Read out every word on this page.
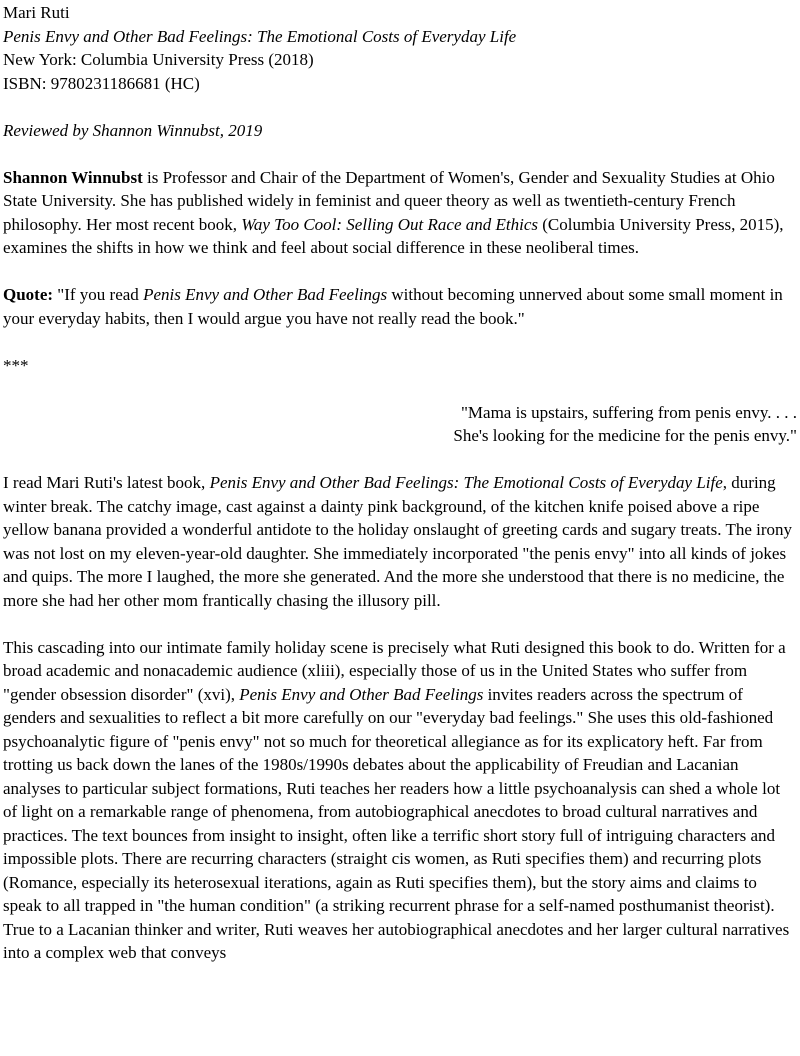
Mari Ruti

Penis Envy and Other Bad Feelings: The Emotional Costs of Everyday Life

New York: Columbia University Press (2018)

ISBN: 9780231186681 (HC)

Reviewed by Shannon Winnubst, 2019

Shannon Winnubst is Professor and Chair of the Department of Women's, Gender and Sexuality Studies at Ohio State University. She has published widely in feminist and queer theory as well as twentieth-century French philosophy. Her most recent book, Way Too Cool: Selling Out Race and Ethics (Columbia University Press, 2015), examines the shifts in how we think and feel about social difference in these neoliberal times.

Quote: "If you read Penis Envy and Other Bad Feelings without becoming unnerved about some small moment in your everyday habits, then I would argue you have not really read the book."

***

"Mama is upstairs, suffering from penis envy. . . .

She's looking for the medicine for the penis envy."

I read Mari Ruti's latest book, Penis Envy and Other Bad Feelings: The Emotional Costs of Everyday Life, during winter break. The catchy image, cast against a dainty pink background, of the kitchen knife poised above a ripe yellow banana provided a wonderful antidote to the holiday onslaught of greeting cards and sugary treats. The irony was not lost on my eleven-year-old daughter. She immediately incorporated "the penis envy" into all kinds of jokes and quips. The more I laughed, the more she generated. And the more she understood that there is no medicine, the more she had her other mom frantically chasing the illusory pill.

This cascading into our intimate family holiday scene is precisely what Ruti designed this book to do. Written for a broad academic and nonacademic audience (xliii), especially those of us in the United States who suffer from "gender obsession disorder" (xvi), Penis Envy and Other Bad Feelings invites readers across the spectrum of genders and sexualities to reflect a bit more carefully on our "everyday bad feelings." She uses this old-fashioned psychoanalytic figure of "penis envy" not so much for theoretical allegiance as for its explicatory heft. Far from trotting us back down the lanes of the 1980s/1990s debates about the applicability of Freudian and Lacanian analyses to particular subject formations, Ruti teaches her readers how a little psychoanalysis can shed a whole lot of light on a remarkable range of phenomena, from autobiographical anecdotes to broad cultural narratives and practices. The text bounces from insight to insight, often like a terrific short story full of intriguing characters and impossible plots. There are recurring characters (straight cis women, as Ruti specifies them) and recurring plots (Romance, especially its heterosexual iterations, again as Ruti specifies them), but the story aims and claims to speak to all trapped in "the human condition" (a striking recurrent phrase for a self-named posthumanist theorist). True to a Lacanian thinker and writer, Ruti weaves her autobiographical anecdotes and her larger cultural narratives into a complex web that conveys
